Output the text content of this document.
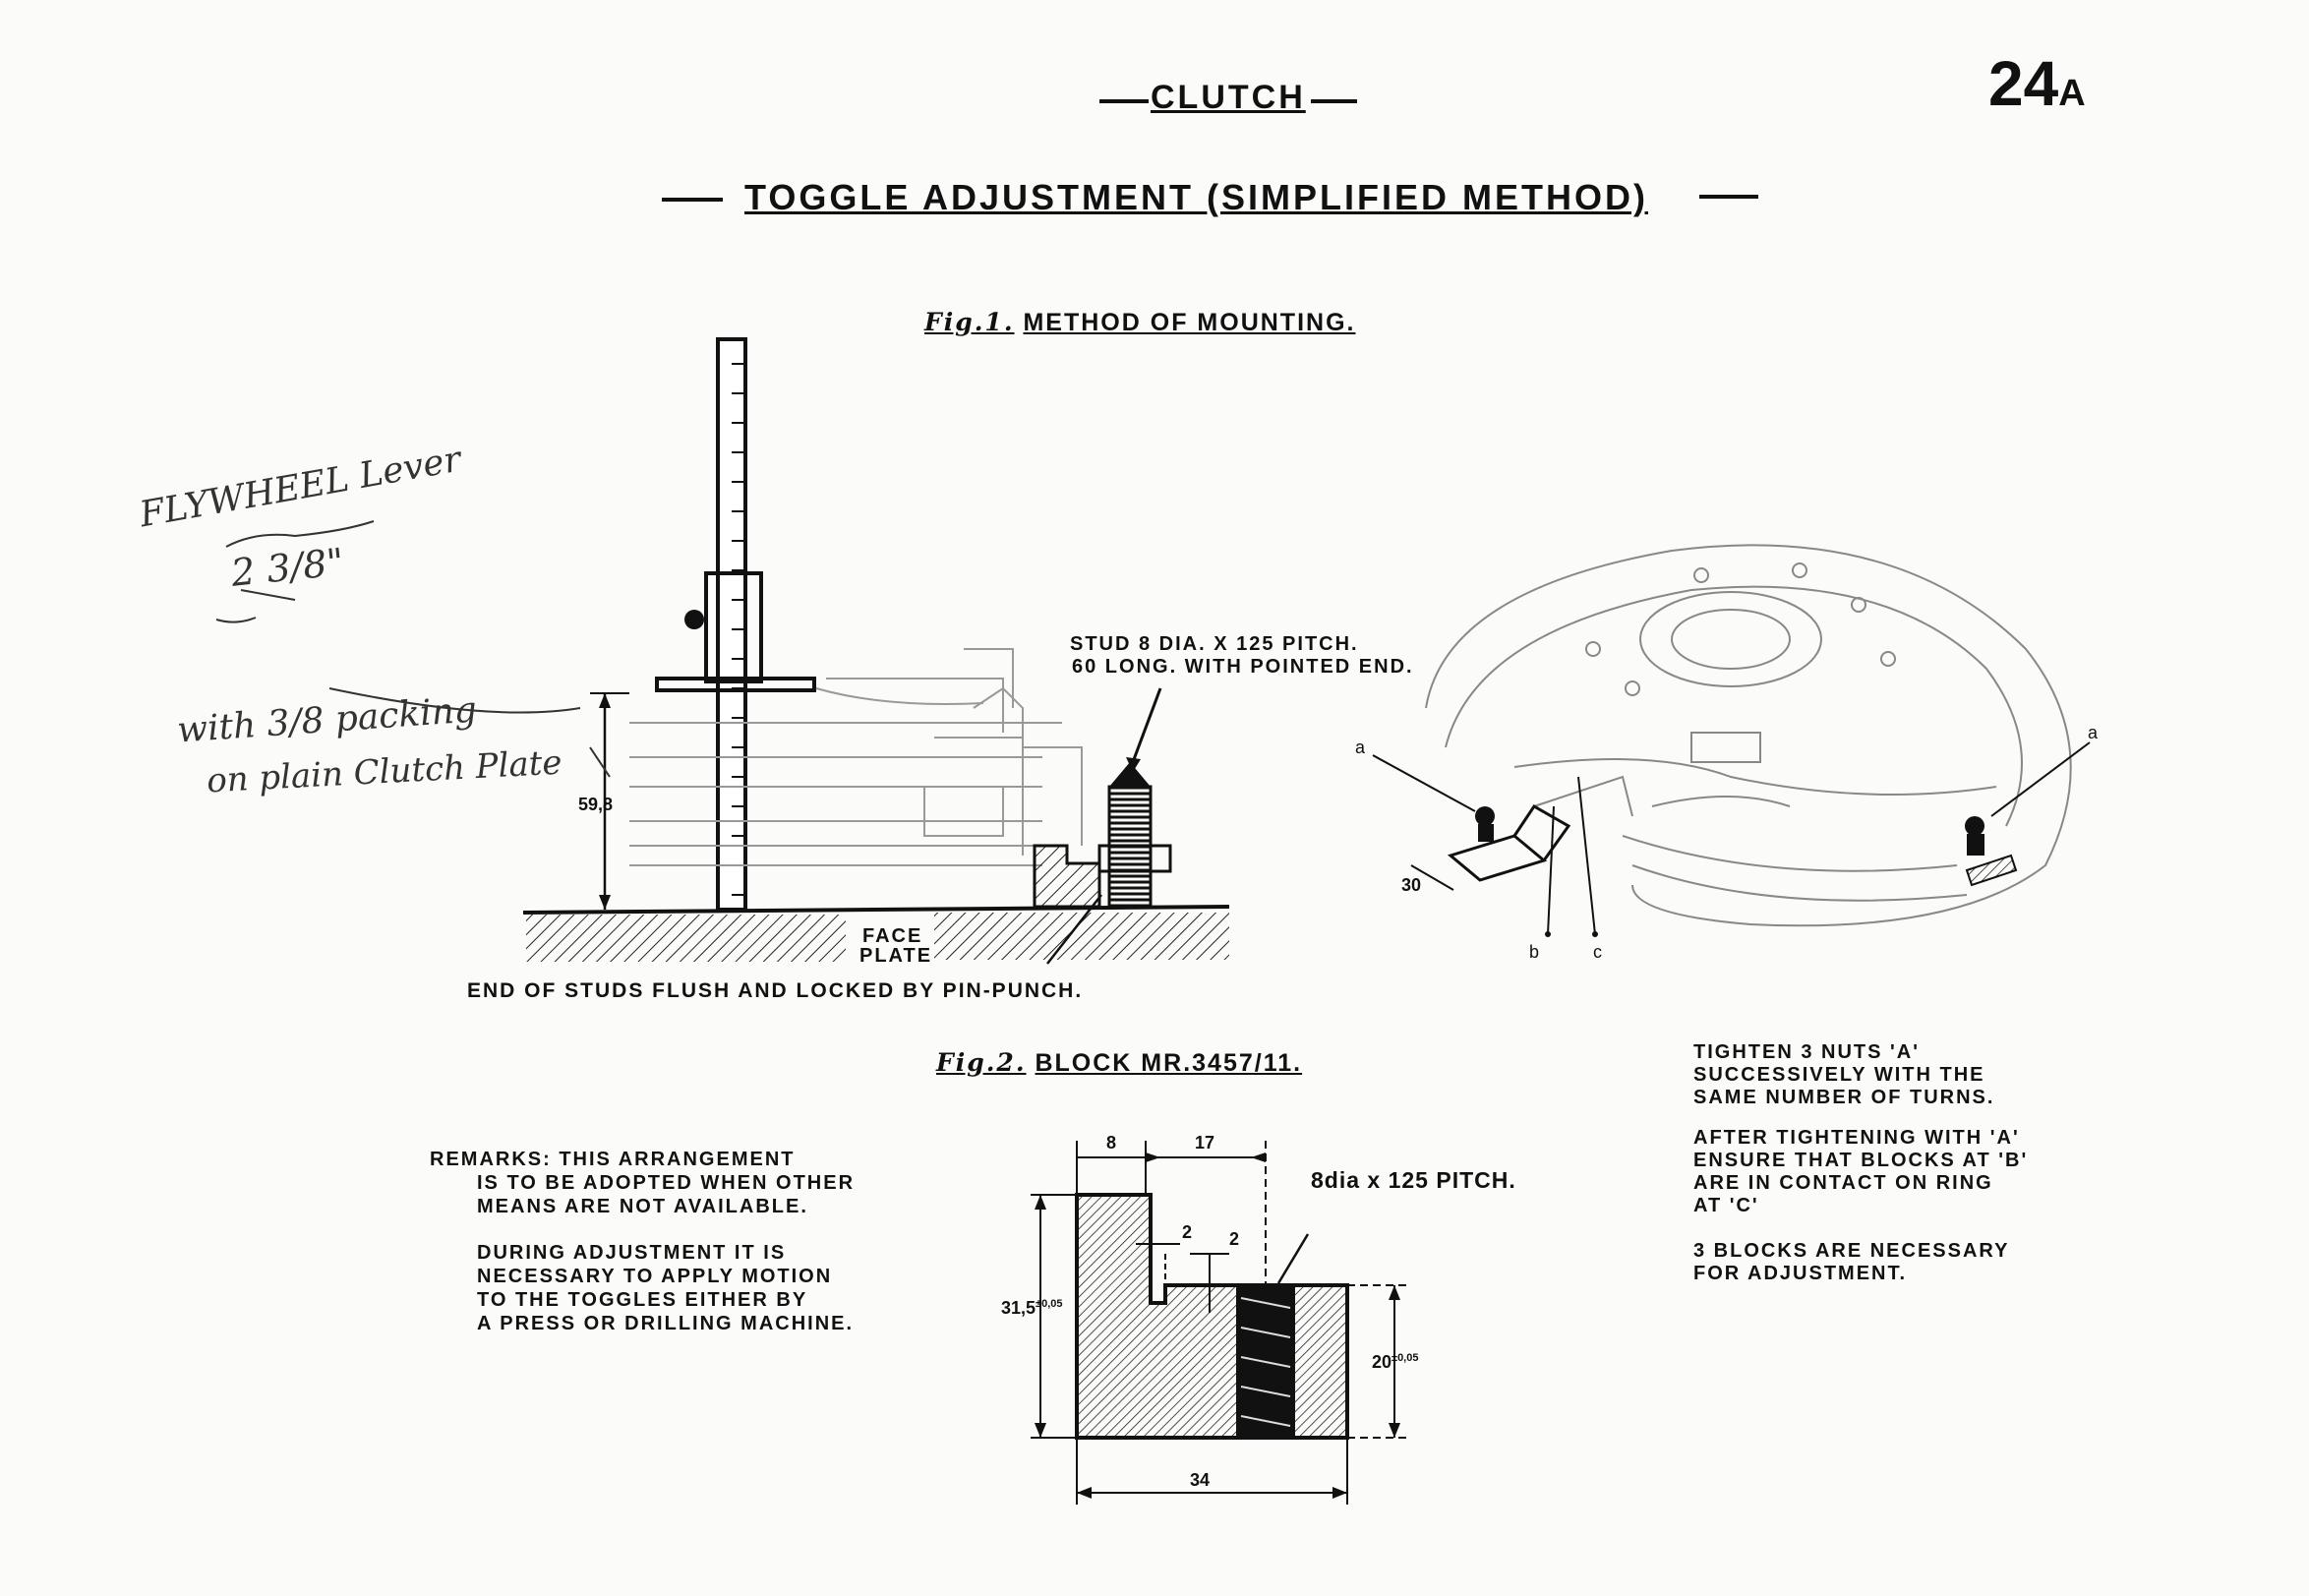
CLUTCH	24A
TOGGLE ADJUSTMENT (SIMPLIFIED METHOD)
Fig.1. METHOD OF MOUNTING.
STUD 8 DIA. X 125 PITCH.
60 LONG. WITH POINTED END.
59,8
FACE
PLATE
END OF STUDS FLUSH AND LOCKED BY PIN-PUNCH.
a
a
b	c
30
Fig.2. BLOCK MR.3457/11.
8	17
2 2
8dia x 125 PITCH.
$31,5^{\pm 0,05}$
$20^{\pm 0,05}$
34
REMARKS: THIS ARRANGEMENT
IS TO BE ADOPTED WHEN OTHER
MEANS ARE NOT AVAILABLE.
DURING ADJUSTMENT IT IS
NECESSARY TO APPLY MOTION
TO THE TOGGLES EITHER BY
A PRESS OR DRILLING MACHINE.
TIGHTEN 3 NUTS 'A'
SUCCESSIVELY WITH THE
SAME NUMBER OF TURNS.
AFTER TIGHTENING WITH 'A'
ENSURE THAT BLOCKS AT 'B'
ARE IN CONTACT ON RING
AT 'C'
3 BLOCKS ARE NECESSARY
FOR ADJUSTMENT.
FLYWHEEL Lever
2 3/8"
with 3/8 packing
on plain Clutch Plate
